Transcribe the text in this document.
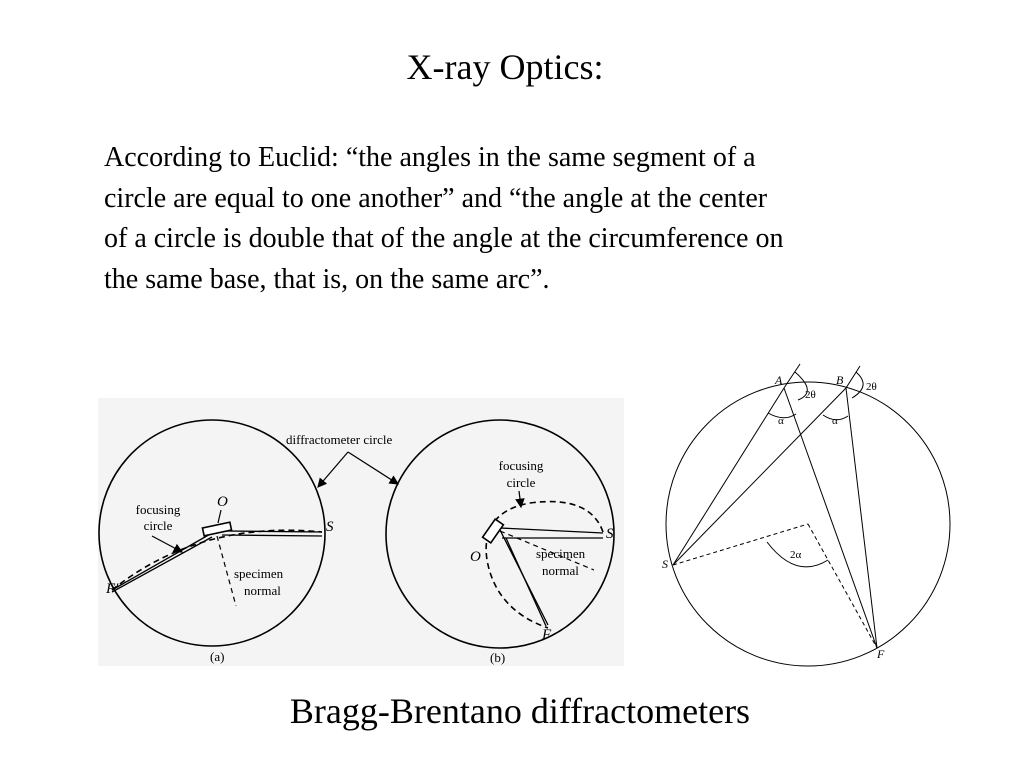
X-ray Optics:

According to Euclid: “the angles in the same segment of a
circle are equal to one another” and “the angle at the center
of a circle is double that of the angle at the circumference on
the same base, that is, on the same arc”.

diffractometer circle
focusing
circle
O
S
F'
specimen
normal
(a)
focusing
circle
O
S
F
specimen
normal
(b)
A	B
S
F
2θ
2θ
α	α
2α
Bragg-Brentano diffractometers
